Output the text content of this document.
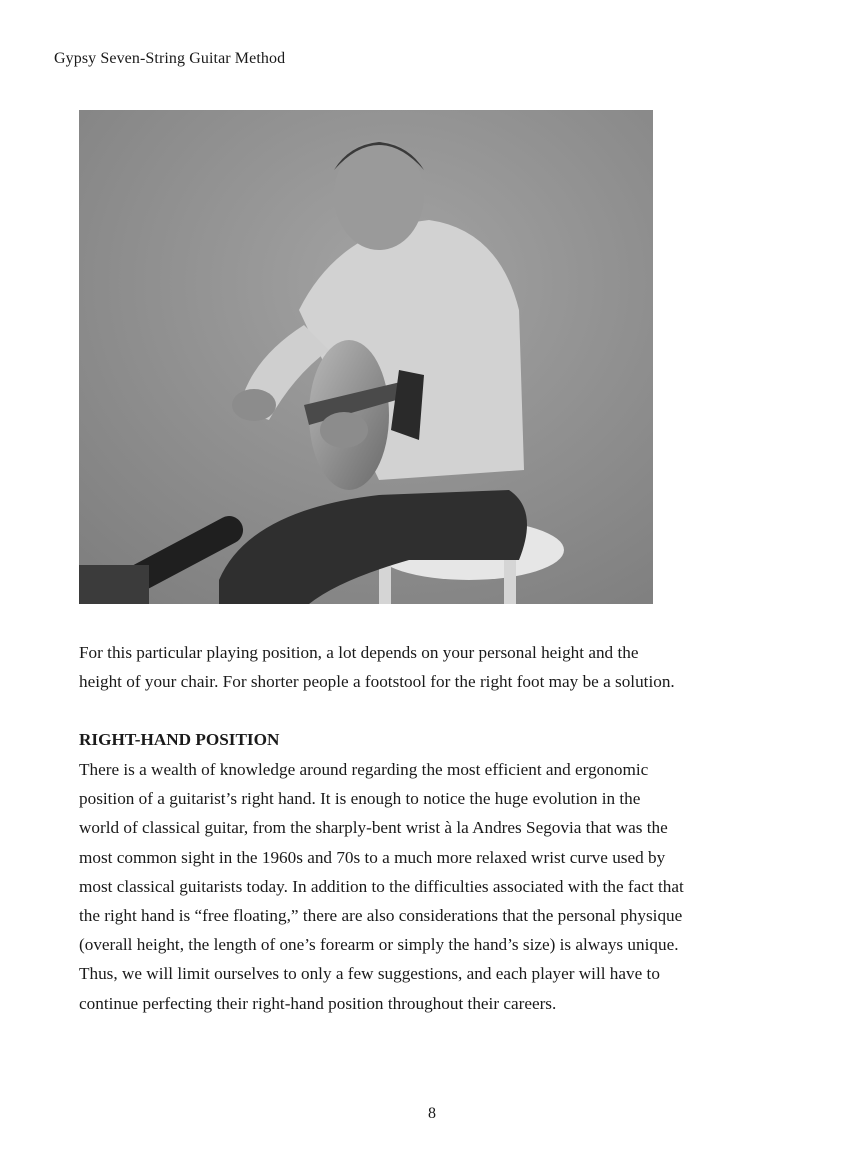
Gypsy Seven-String Guitar Method
For this particular playing position, a lot depends on your personal height and the
height of your chair. For shorter people a footstool for the right foot may be a solution.
RIGHT-HAND POSITION
There is a wealth of knowledge around regarding the most efficient and ergonomic
position of a guitarist’s right hand. It is enough to notice the huge evolution in the
world of classical guitar, from the sharply-bent wrist à la Andres Segovia that was the
most common sight in the 1960s and 70s to a much more relaxed wrist curve used by
most classical guitarists today. In addition to the difficulties associated with the fact that
the right hand is “free floating,” there are also considerations that the personal physique
(overall height, the length of one’s forearm or simply the hand’s size) is always unique.
Thus, we will limit ourselves to only a few suggestions, and each player will have to
continue perfecting their right-hand position throughout their careers.
8
